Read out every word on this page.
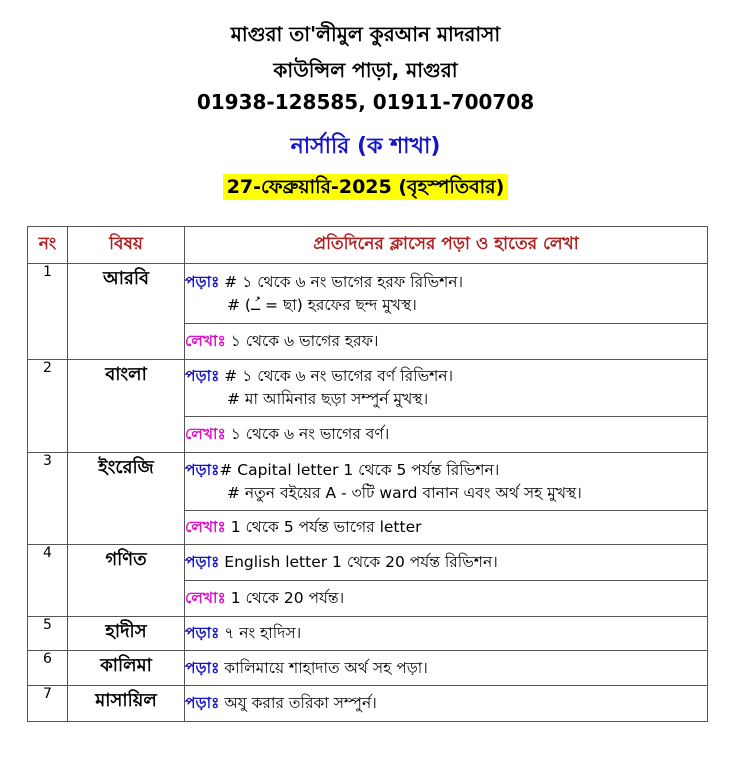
মাগুরা তা'লীমুল কুরআন মাদরাসা
কাউন্সিল পাড়া, মাগুরা
01938-128585, 01911-700708
নার্সারি (ক শাখা)
27-ফেব্রুয়ারি-2025 (বৃহস্পতিবার)
নং	বিষয়	প্রতিদিনের ক্লাসের পড়া ও হাতের লেখা
1	আরবি	পড়াঃ # ১ থেকে ৬ নং ভাগের হরফ রিভিশন।
# (ـُـ = ছা) হরফের ছন্দ মুখস্থ।

		লেখাঃ ১ থেকে ৬ ভাগের হরফ।
2	বাংলা	পড়াঃ # ১ থেকে ৬ নং ভাগের বর্ণ রিভিশন।
# মা আমিনার ছড়া সম্পুর্ন মুখস্থ।

		লেখাঃ ১ থেকে ৬ নং ভাগের বর্ণ।
3	ইংরেজি	পড়াঃ# Capital letter 1 থেকে 5 পর্যন্ত রিভিশন।
# নতুন বইয়ের A - ৩টি ward বানান এবং অর্থ সহ মুখস্থ।

		লেখাঃ 1 থেকে 5 পর্যন্ত ভাগের letter
4	গণিত	পড়াঃ English letter 1 থেকে 20 পর্যন্ত রিভিশন।
		লেখাঃ 1 থেকে 20 পর্যন্ত।
5	হাদীস	পড়াঃ ৭ নং হাদিস।
6	কালিমা	পড়াঃ কালিমায়ে শাহাদাত অর্থ সহ পড়া।
7	মাসায়িল	পড়াঃ অযু করার তরিকা সম্পুর্ন।
